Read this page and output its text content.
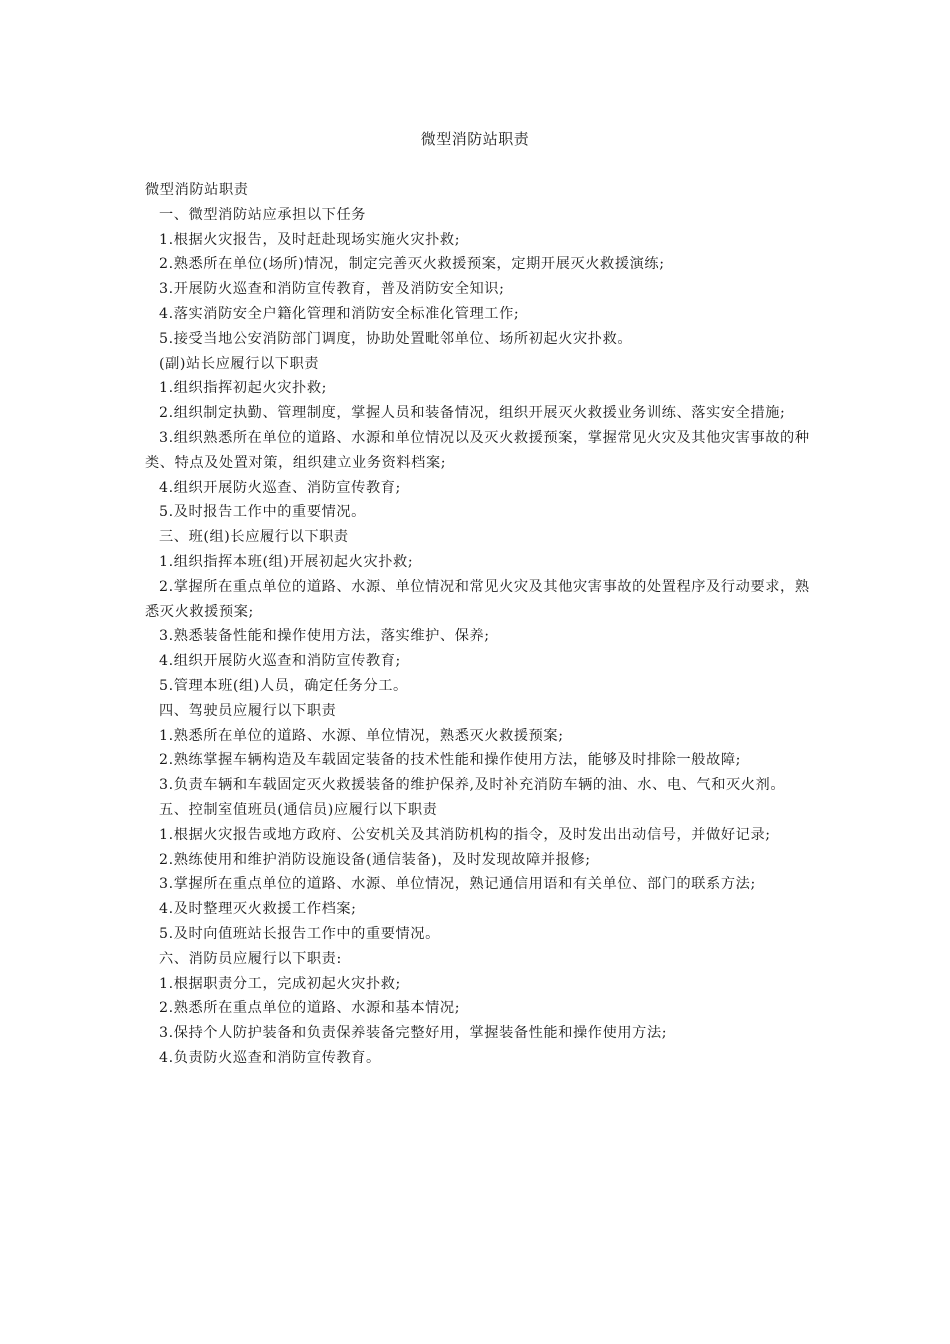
微型消防站职责

微型消防站职责

一、微型消防站应承担以下任务

1.根据火灾报告，及时赶赴现场实施火灾扑救;

2.熟悉所在单位(场所)情况，制定完善灭火救援预案，定期开展灭火救援演练;

3.开展防火巡查和消防宣传教育，普及消防安全知识;

4.落实消防安全户籍化管理和消防安全标准化管理工作;

5.接受当地公安消防部门调度，协助处置毗邻单位、场所初起火灾扑救。

(副)站长应履行以下职责

1.组织指挥初起火灾扑救;

2.组织制定执勤、管理制度，掌握人员和装备情况，组织开展灭火救援业务训练、落实安全措施;

3.组织熟悉所在单位的道路、水源和单位情况以及灭火救援预案，掌握常见火灾及其他灾害事故的种类、特点及处置对策，组织建立业务资料档案;

4.组织开展防火巡查、消防宣传教育;

5.及时报告工作中的重要情况。

三、班(组)长应履行以下职责

1.组织指挥本班(组)开展初起火灾扑救;

2.掌握所在重点单位的道路、水源、单位情况和常见火灾及其他灾害事故的处置程序及行动要求，熟悉灭火救援预案;

3.熟悉装备性能和操作使用方法，落实维护、保养;

4.组织开展防火巡查和消防宣传教育;

5.管理本班(组)人员，确定任务分工。

四、驾驶员应履行以下职责

1.熟悉所在单位的道路、水源、单位情况，熟悉灭火救援预案;

2.熟练掌握车辆构造及车载固定装备的技术性能和操作使用方法，能够及时排除一般故障;

3.负责车辆和车载固定灭火救援装备的维护保养,及时补充消防车辆的油、水、电、气和灭火剂。

五、控制室值班员(通信员)应履行以下职责

1.根据火灾报告或地方政府、公安机关及其消防机构的指令，及时发出出动信号，并做好记录;

2.熟练使用和维护消防设施设备(通信装备)，及时发现故障并报修;

3.掌握所在重点单位的道路、水源、单位情况，熟记通信用语和有关单位、部门的联系方法;

4.及时整理灭火救援工作档案;

5.及时向值班站长报告工作中的重要情况。

六、消防员应履行以下职责:

1.根据职责分工，完成初起火灾扑救;

2.熟悉所在重点单位的道路、水源和基本情况;

3.保持个人防护装备和负责保养装备完整好用，掌握装备性能和操作使用方法;

4.负责防火巡查和消防宣传教育。
